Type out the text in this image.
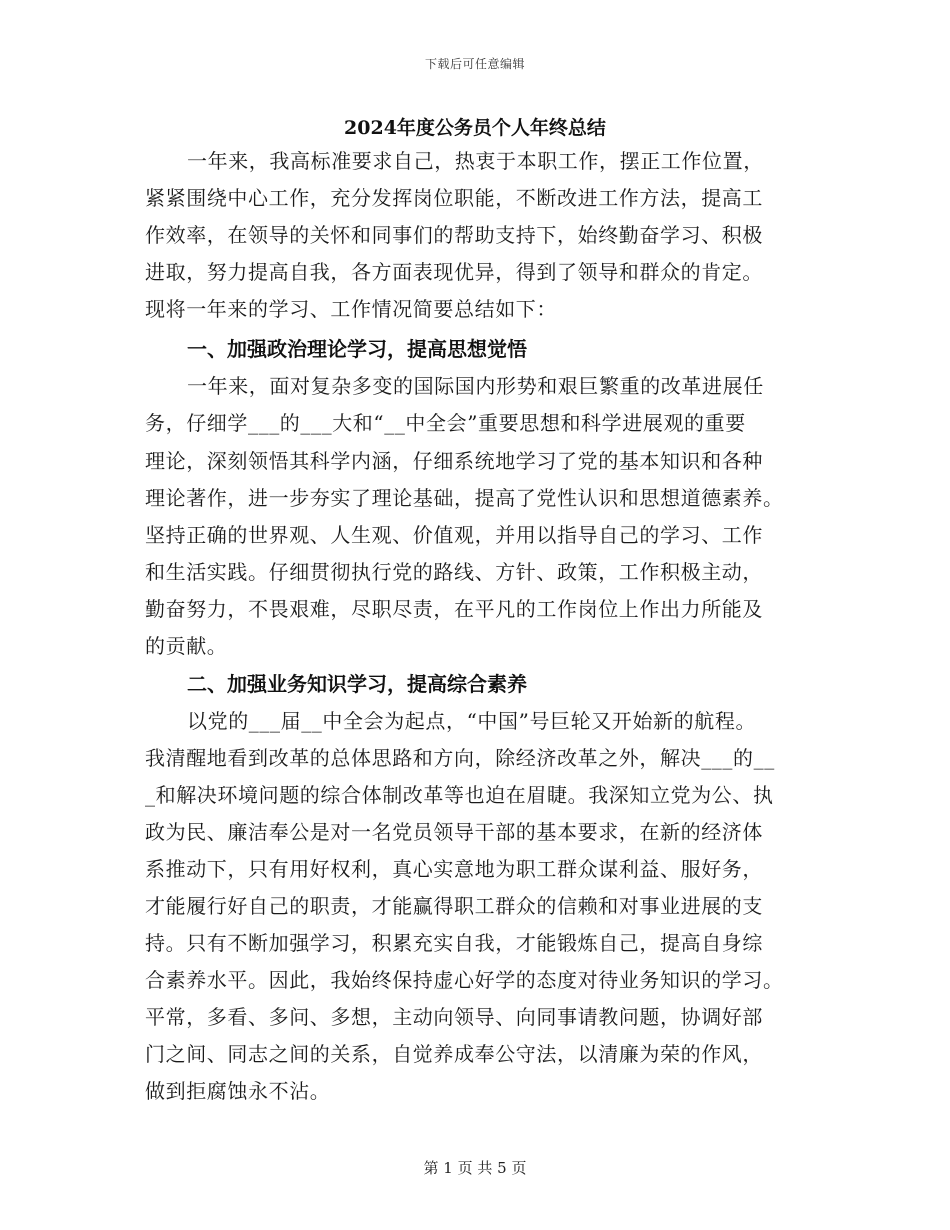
下载后可任意编辑
2024年度公务员个人年终总结
一年来，我高标准要求自己，热衷于本职工作，摆正工作位置，
紧紧围绕中心工作，充分发挥岗位职能，不断改进工作方法，提高工
作效率，在领导的关怀和同事们的帮助支持下，始终勤奋学习、积极
进取，努力提高自我，各方面表现优异，得到了领导和群众的肯定。
现将一年来的学习、工作情况简要总结如下：
一、加强政治理论学习，提高思想觉悟
一年来，面对复杂多变的国际国内形势和艰巨繁重的改革进展任
务，仔细学___的___大和“__中全会”重要思想和科学进展观的重要
理论，深刻领悟其科学内涵，仔细系统地学习了党的基本知识和各种
理论著作，进一步夯实了理论基础，提高了党性认识和思想道德素养。
坚持正确的世界观、人生观、价值观，并用以指导自己的学习、工作
和生活实践。仔细贯彻执行党的路线、方针、政策，工作积极主动，
勤奋努力，不畏艰难，尽职尽责，在平凡的工作岗位上作出力所能及
的贡献。
二、加强业务知识学习，提高综合素养
以党的___届__中全会为起点，“中国”号巨轮又开始新的航程。
我清醒地看到改革的总体思路和方向，除经济改革之外，解决___的__
_和解决环境问题的综合体制改革等也迫在眉睫。我深知立党为公、执
政为民、廉洁奉公是对一名党员领导干部的基本要求，在新的经济体
系推动下，只有用好权利，真心实意地为职工群众谋利益、服好务，
才能履行好自己的职责，才能赢得职工群众的信赖和对事业进展的支
持。只有不断加强学习，积累充实自我，才能锻炼自己，提高自身综
合素养水平。因此，我始终保持虚心好学的态度对待业务知识的学习。
平常，多看、多问、多想，主动向领导、向同事请教问题，协调好部
门之间、同志之间的关系，自觉养成奉公守法，以清廉为荣的作风，
做到拒腐蚀永不沾。
第 1 页 共 5 页
